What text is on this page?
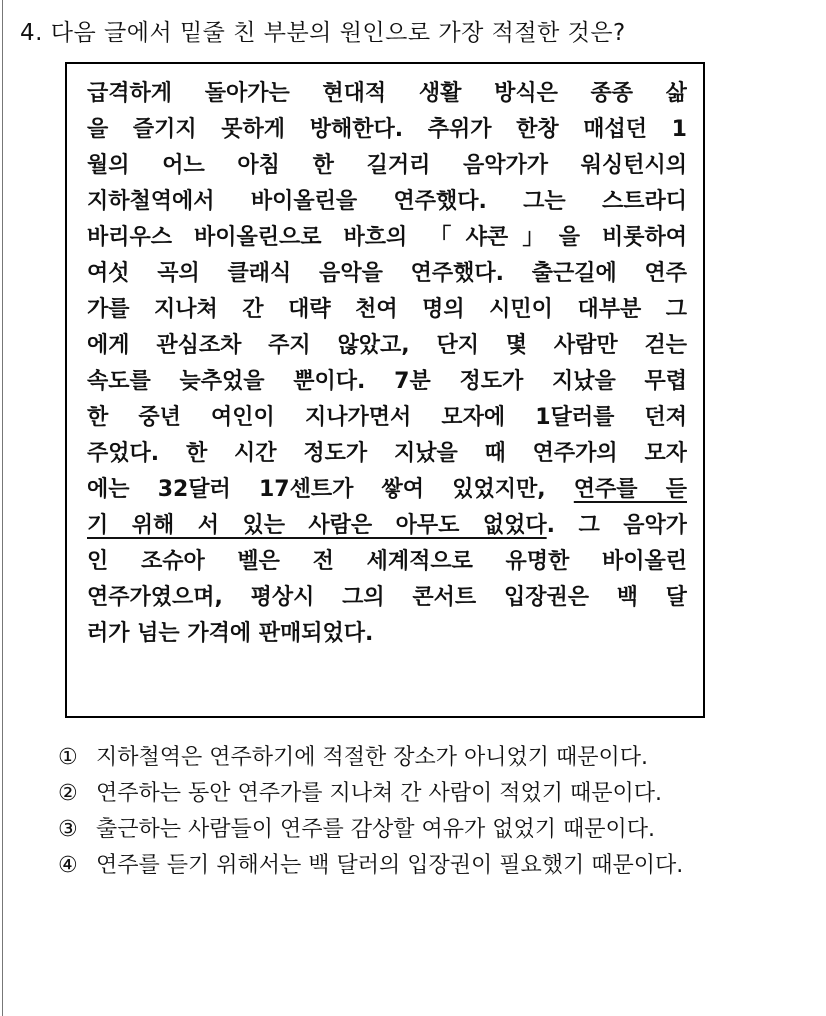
4. 다음 글에서 밑줄 친 부분의 원인으로 가장 적절한 것은?
급격하게 돌아가는 현대적 생활 방식은 종종 삶
을 즐기지 못하게 방해한다. 추위가 한창 매섭던 1
월의 어느 아침 한 길거리 음악가가 워싱턴시의
지하철역에서 바이올린을 연주했다. 그는 스트라디
바리우스 바이올린으로 바흐의 「샤콘」을 비롯하여
여섯 곡의 클래식 음악을 연주했다. 출근길에 연주
가를 지나쳐 간 대략 천여 명의 시민이 대부분 그
에게 관심조차 주지 않았고, 단지 몇 사람만 걷는
속도를 늦추었을 뿐이다. 7분 정도가 지났을 무렵
한 중년 여인이 지나가면서 모자에 1달러를 던져
주었다. 한 시간 정도가 지났을 때 연주가의 모자
에는 32달러 17센트가 쌓여 있었지만, 연주를 듣
기 위해 서 있는 사람은 아무도 없었다. 그 음악가
인 조슈아 벨은 전 세계적으로 유명한 바이올린
연주가였으며, 평상시 그의 콘서트 입장권은 백 달
러가 넘는 가격에 판매되었다.
① 지하철역은 연주하기에 적절한 장소가 아니었기 때문이다.
② 연주하는 동안 연주가를 지나쳐 간 사람이 적었기 때문이다.
③ 출근하는 사람들이 연주를 감상할 여유가 없었기 때문이다.
④ 연주를 듣기 위해서는 백 달러의 입장권이 필요했기 때문이다.
